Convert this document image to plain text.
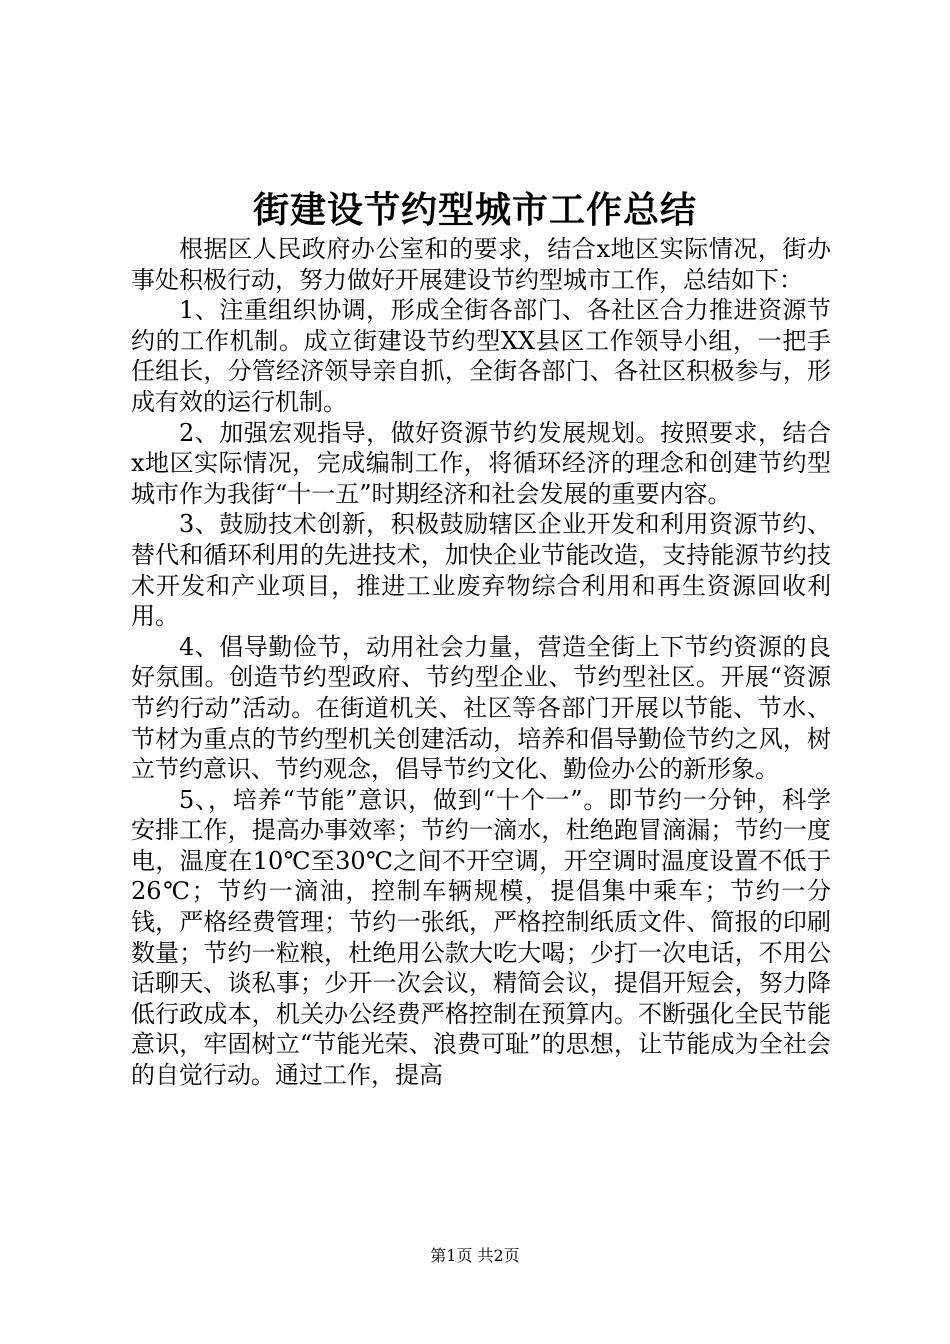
街建设节约型城市工作总结

根据区人民政府办公室和的要求，结合x地区实际情况，街办事处积极行动，努力做好开展建设节约型城市工作，总结如下：

1、注重组织协调，形成全街各部门、各社区合力推进资源节约的工作机制。成立街建设节约型XX县区工作领导小组，一把手任组长，分管经济领导亲自抓，全街各部门、各社区积极参与，形成有效的运行机制。

2、加强宏观指导，做好资源节约发展规划。按照要求，结合x地区实际情况，完成编制工作，将循环经济的理念和创建节约型城市作为我街“十一五”时期经济和社会发展的重要内容。

3、鼓励技术创新，积极鼓励辖区企业开发和利用资源节约、替代和循环利用的先进技术，加快企业节能改造，支持能源节约技术开发和产业项目，推进工业废弃物综合利用和再生资源回收利用。

4、倡导勤俭节，动用社会力量，营造全街上下节约资源的良好氛围。创造节约型政府、节约型企业、节约型社区。开展“资源节约行动”活动。在街道机关、社区等各部门开展以节能、节水、节材为重点的节约型机关创建活动，培养和倡导勤俭节约之风，树立节约意识、节约观念，倡导节约文化、勤俭办公的新形象。

5、，培养“节能”意识，做到“十个一”。即节约一分钟，科学安排工作，提高办事效率；节约一滴水，杜绝跑冒滴漏；节约一度电，温度在10℃至30℃之间不开空调，开空调时温度设置不低于26℃；节约一滴油，控制车辆规模，提倡集中乘车；节约一分钱，严格经费管理；节约一张纸，严格控制纸质文件、简报的印刷数量；节约一粒粮，杜绝用公款大吃大喝；少打一次电话，不用公话聊天、谈私事；少开一次会议，精简会议，提倡开短会，努力降低行政成本，机关办公经费严格控制在预算内。不断强化全民节能意识，牢固树立“节能光荣、浪费可耻”的思想，让节能成为全社会的自觉行动。通过工作，提高

第1页 共2页
